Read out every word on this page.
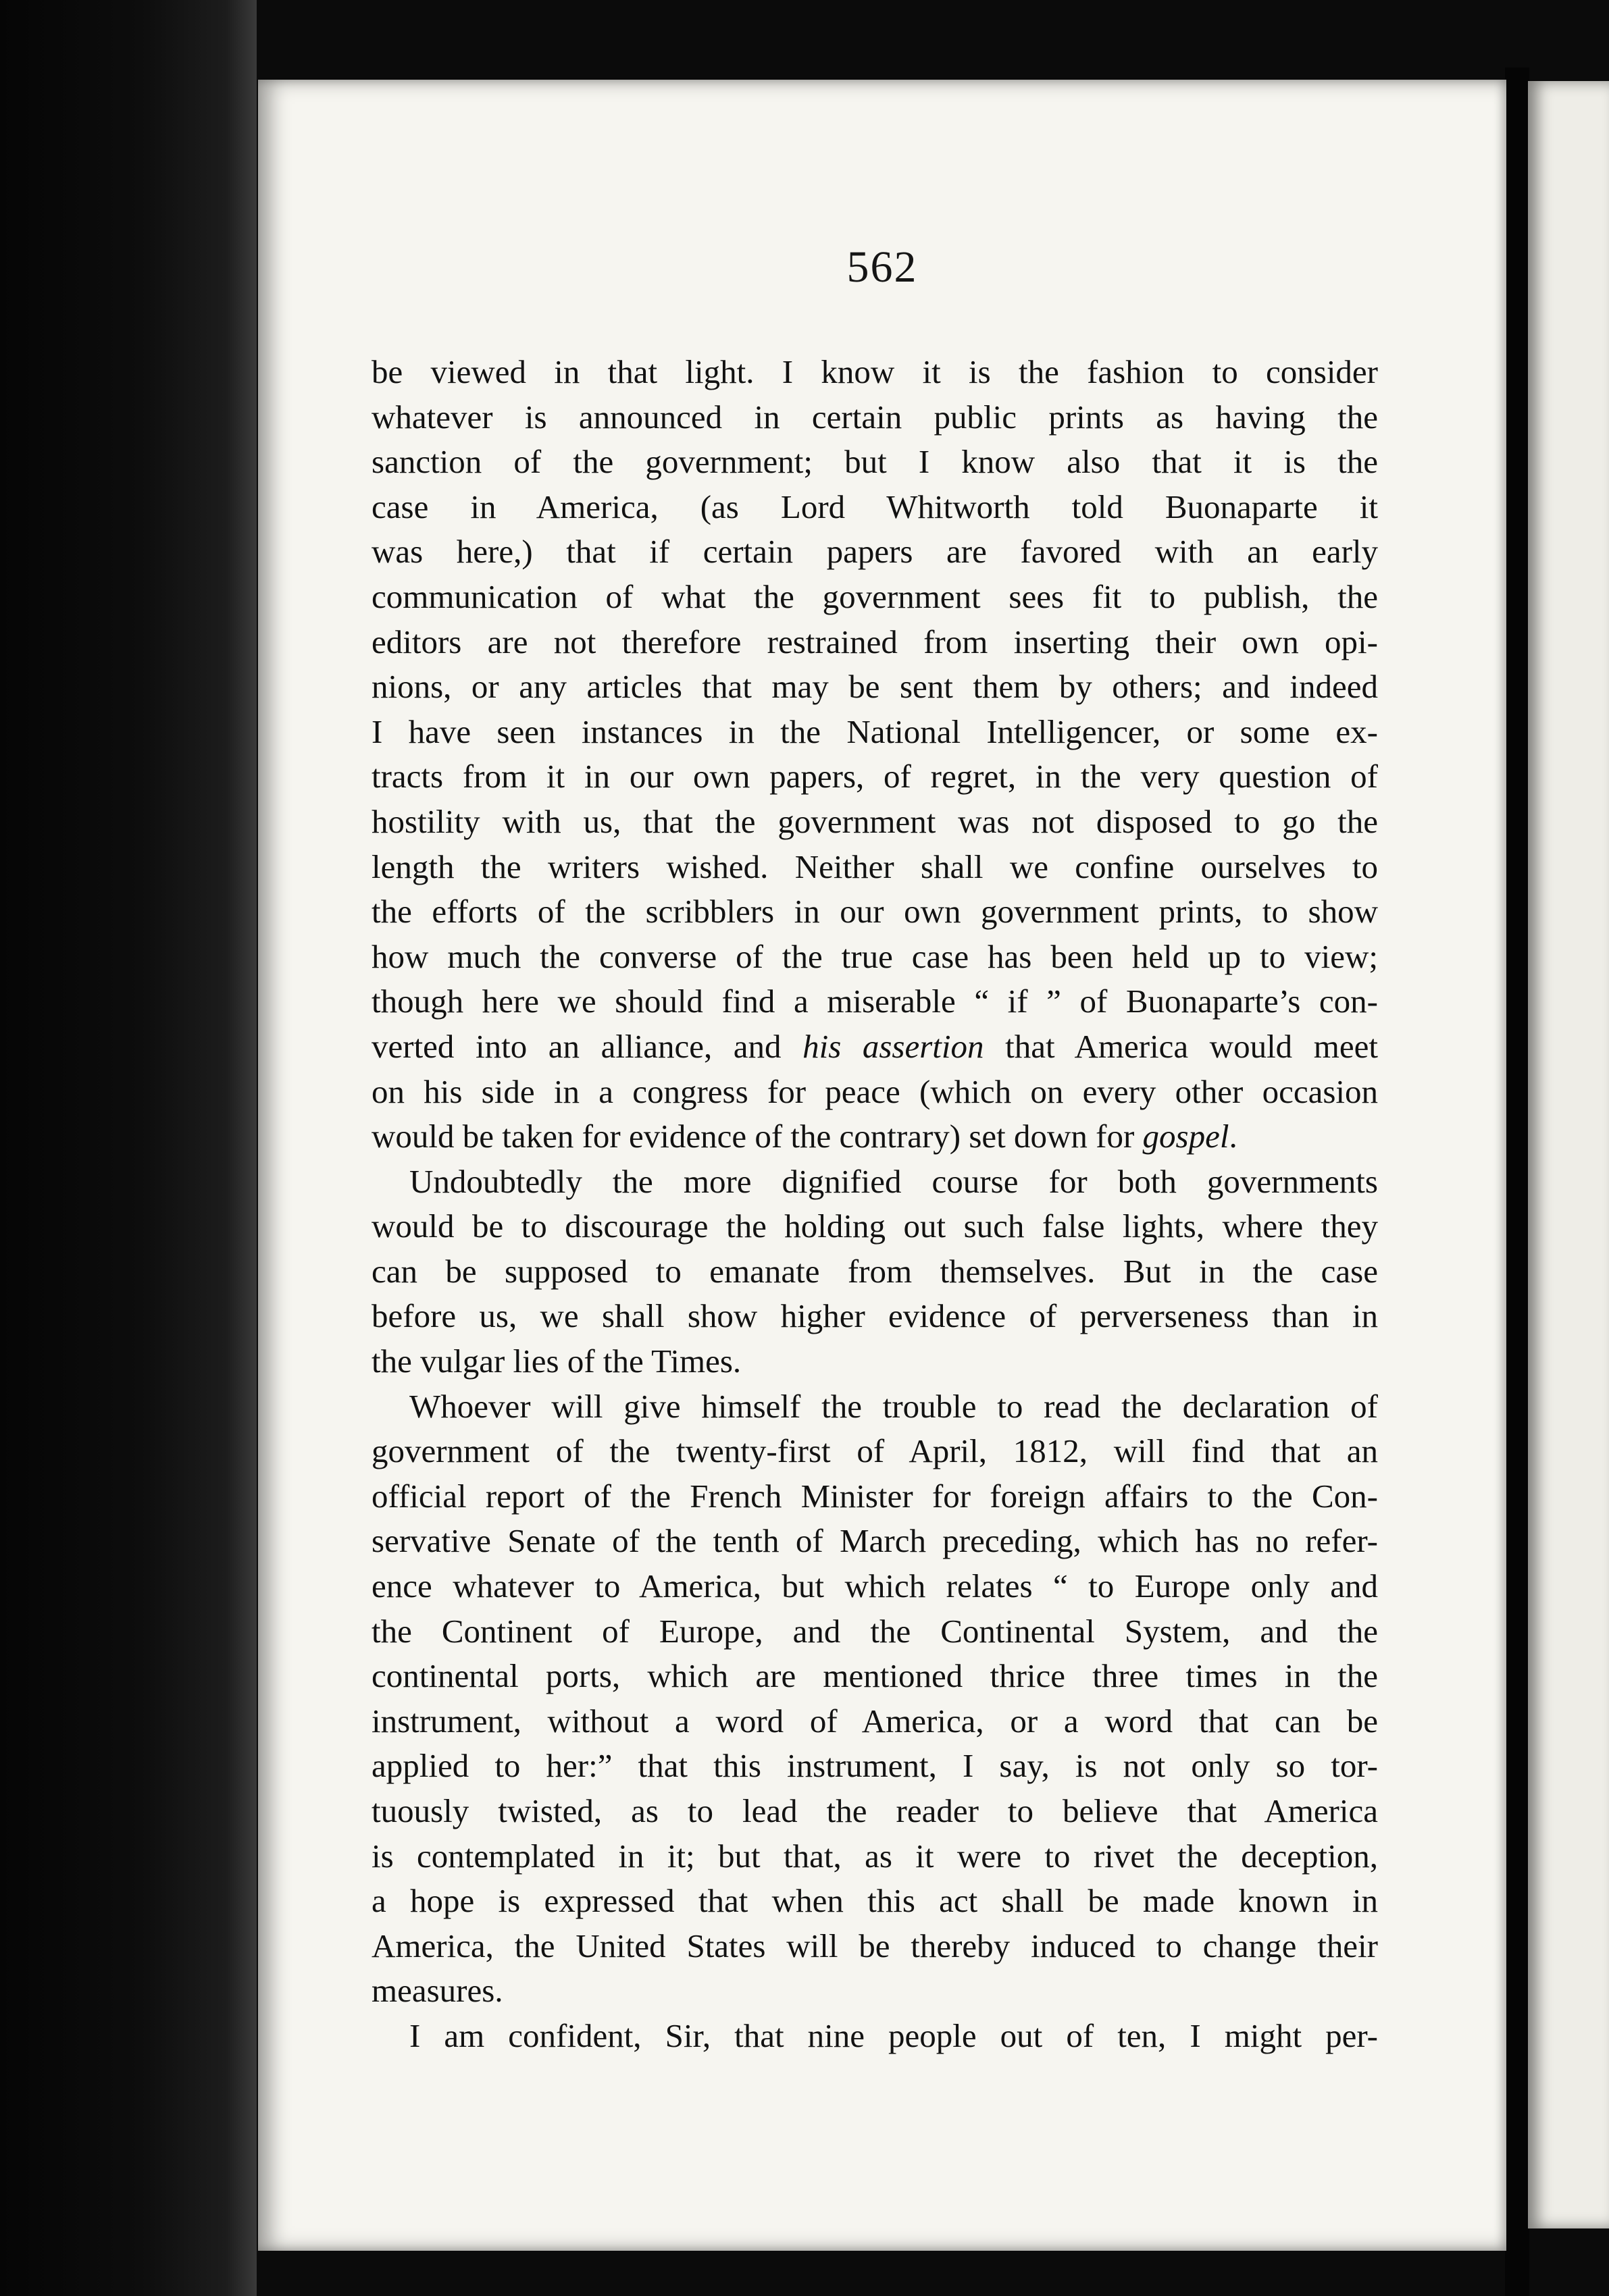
562
be viewed in that light. I know it is the fashion to consider
whatever is announced in certain public prints as having the
sanction of the government; but I know also that it is the
case in America, (as Lord Whitworth told Buonaparte it
was here,) that if certain papers are favored with an early
communication of what the government sees fit to publish, the
editors are not therefore restrained from inserting their own opi-
nions, or any articles that may be sent them by others; and indeed
I have seen instances in the National Intelligencer, or some ex-
tracts from it in our own papers, of regret, in the very question of
hostility with us, that the government was not disposed to go the
length the writers wished. Neither shall we confine ourselves to
the efforts of the scribblers in our own government prints, to show
how much the converse of the true case has been held up to view;
though here we should find a miserable “ if ” of Buonaparte’s con-
verted into an alliance, and his assertion that America would meet
on his side in a congress for peace (which on every other occasion
would be taken for evidence of the contrary) set down for gospel.
Undoubtedly the more dignified course for both governments
would be to discourage the holding out such false lights, where they
can be supposed to emanate from themselves. But in the case
before us, we shall show higher evidence of perverseness than in
the vulgar lies of the Times.
Whoever will give himself the trouble to read the declaration of
government of the twenty-first of April, 1812, will find that an
official report of the French Minister for foreign affairs to the Con-
servative Senate of the tenth of March preceding, which has no refer-
ence whatever to America, but which relates “ to Europe only and
the Continent of Europe, and the Continental System, and the
continental ports, which are mentioned thrice three times in the
instrument, without a word of America, or a word that can be
applied to her:” that this instrument, I say, is not only so tor-
tuously twisted, as to lead the reader to believe that America
is contemplated in it; but that, as it were to rivet the deception,
a hope is expressed that when this act shall be made known in
America, the United States will be thereby induced to change their
measures.
I am confident, Sir, that nine people out of ten, I might per-
